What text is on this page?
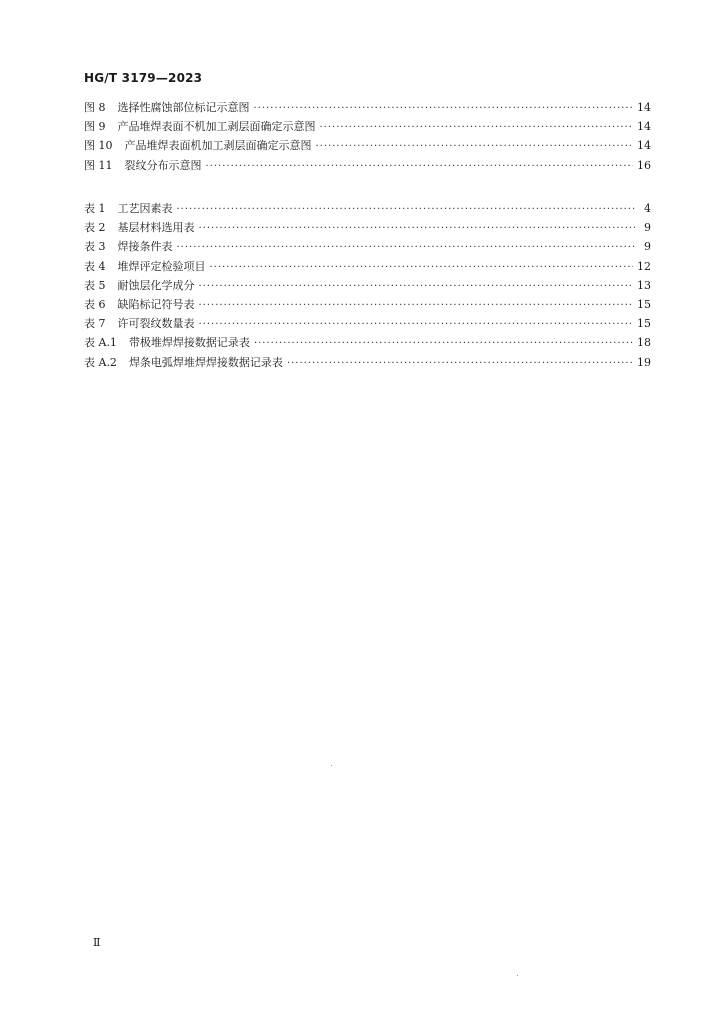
HG/T 3179—2023
图 8 选择性腐蚀部位标记示意图 ·····	14
图 9 产品堆焊表面不机加工剥层面确定示意图 ·····	14
图 10 产品堆焊表面机加工剥层面确定示意图 ·····	14
图 11 裂纹分布示意图 ·····	16
表 1 工艺因素表 ·····	4
表 2 基层材料选用表 ·····	9
表 3 焊接条件表 ·····	9
表 4 堆焊评定检验项目 ·····	12
表 5 耐蚀层化学成分 ·····	13
表 6 缺陷标记符号表 ·····	15
表 7 许可裂纹数量表 ·····	15
表 A.1 带极堆焊焊接数据记录表 ·····	18
表 A.2 焊条电弧焊堆焊焊接数据记录表 ·····	19
Ⅱ
